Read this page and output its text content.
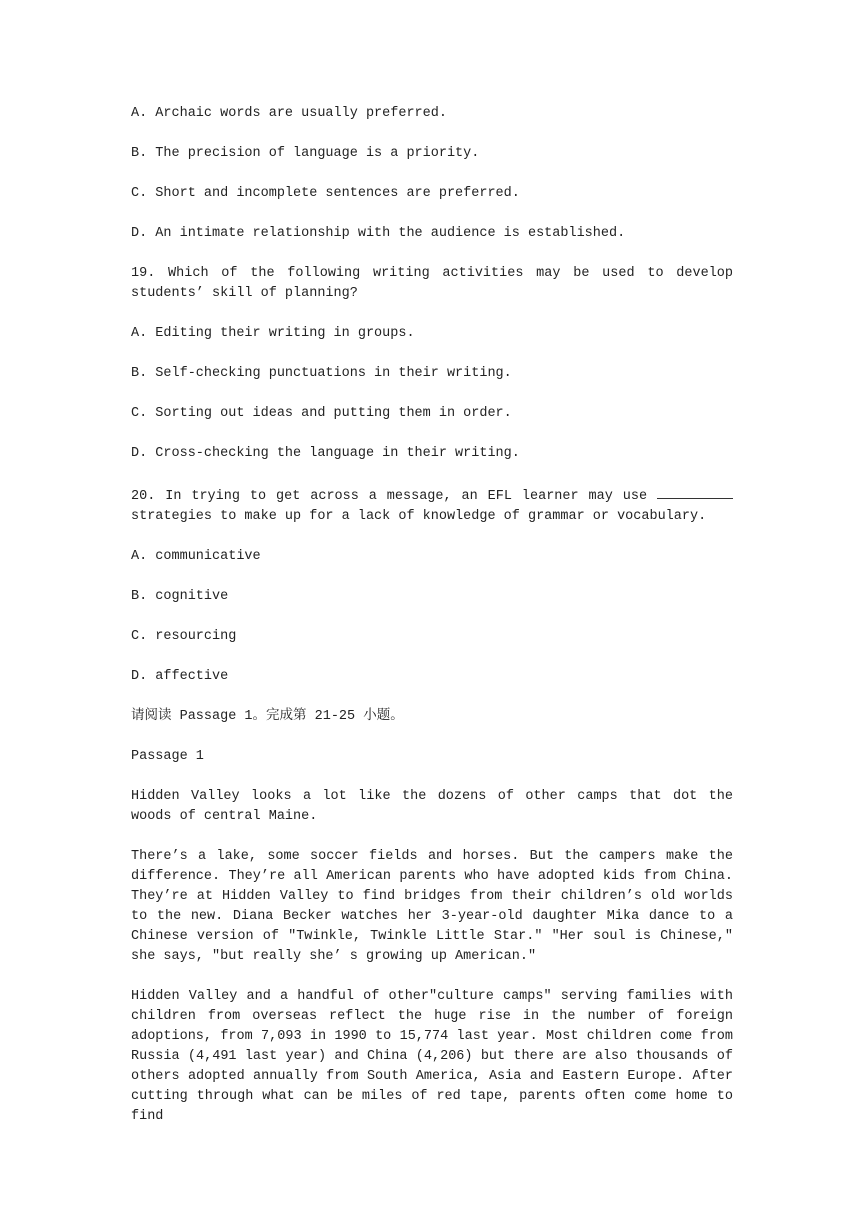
A. Archaic words are usually preferred.

B. The precision of language is a priority.

C. Short and incomplete sentences are preferred.

D. An intimate relationship with the audience is established.

19. Which of the following writing activities may be used to develop students’ skill of planning?

A. Editing their writing in groups.

B. Self-checking punctuations in their writing.

C. Sorting out ideas and putting them in order.

D. Cross-checking the language in their writing.

20. In trying to get across a message, an EFL learner may use	strategies to make up for a lack of knowledge of grammar or vocabulary.

A. communicative

B. cognitive

C. resourcing

D. affective

请阅读 Passage 1。完成第 21-25 小题。

Passage 1

Hidden Valley looks a lot like the dozens of other camps that dot the woods of central Maine.

There’s a lake, some soccer fields and horses. But the campers make the difference. They’re all American parents who have adopted kids from China. They’re at Hidden Valley to find bridges from their children’s old worlds to the new. Diana Becker watches her 3-year-old daughter Mika dance to a Chinese version of "Twinkle, Twinkle Little Star." "Her soul is Chinese," she says, "but really she’ s growing up American."

Hidden Valley and a handful of other"culture camps" serving families with children from overseas reflect the huge rise in the number of foreign adoptions, from 7,093 in 1990 to 15,774 last year. Most children come from Russia (4,491 last year) and China (4,206) but there are also thousands of others adopted annually from South America, Asia and Eastern Europe. After cutting through what can be miles of red tape, parents often come home to find
